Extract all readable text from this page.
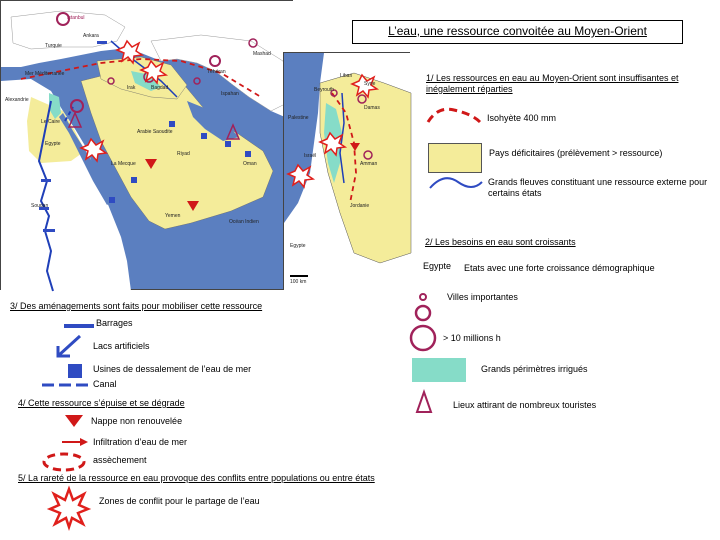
Istanbul
Ankara
Turquie
Mer Méditerranée
Alexandrie
Le Caire
Egypte
Soudan
Irak
Arabie Saoudite
Riyad
La Mecque
Yemen
Oman
Océan Indien
Téhéran
Mashad
Ispahan
Bagdad
Liban
Syrie
Damas
Beyrouth
Palestine
Israël
Amman
Jordanie
Egypte
100 km
L’eau, une ressource convoitée au Moyen-Orient
1/ Les ressources en eau au Moyen-Orient sont insuffisantes et inégalement réparties
Isohyète 400 mm
Pays déficitaires (prélèvement > ressource)
Grands fleuves constituant une ressource externe pour certains états
2/ Les besoins en eau sont croissants
Egypte Etats avec une forte croissance démographique
Villes importantes
> 10 millions h
Grands périmètres irrigués
Lieux attirant de nombreux touristes
3/ Des aménagements sont faits pour mobiliser cette ressource
Barrages
Lacs artificiels
Usines de dessalement de l’eau de mer
Canal
4/ Cette ressource s’épuise et se dégrade
Nappe non renouvelée
Infiltration d’eau de mer
assèchement
5/ La rareté de la ressource en eau provoque des conflits entre populations ou entre états
Zones de conflit pour le partage de l’eau
